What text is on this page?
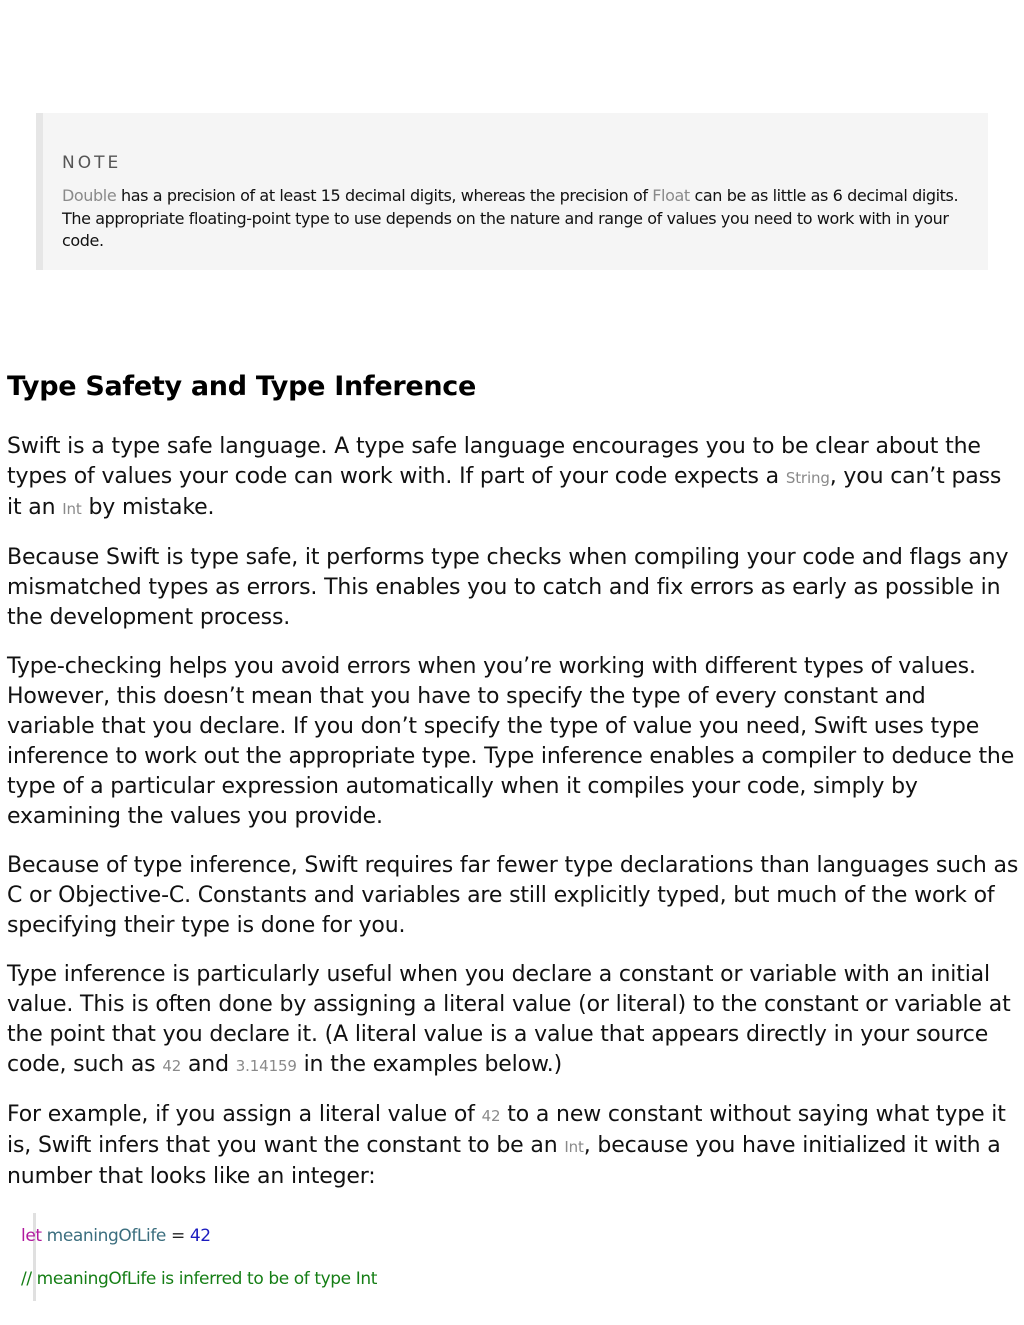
NOTE
Double has a precision of at least 15 decimal digits, whereas the precision of Float can be as little as 6 decimal digits. The appropriate floating-point type to use depends on the nature and range of values you need to work with in your code.
Type Safety and Type Inference

Swift is a type safe language. A type safe language encourages you to be clear about the types of values your code can work with. If part of your code expects a String, you can’t pass it an Int by mistake.

Because Swift is type safe, it performs type checks when compiling your code and flags any mismatched types as errors. This enables you to catch and fix errors as early as possible in the development process.

Type-checking helps you avoid errors when you’re working with different types of values. However, this doesn’t mean that you have to specify the type of every constant and variable that you declare. If you don’t specify the type of value you need, Swift uses type inference to work out the appropriate type. Type inference enables a compiler to deduce the type of a particular expression automatically when it compiles your code, simply by examining the values you provide.

Because of type inference, Swift requires far fewer type declarations than languages such as C or Objective-C. Constants and variables are still explicitly typed, but much of the work of specifying their type is done for you.

Type inference is particularly useful when you declare a constant or variable with an initial value. This is often done by assigning a literal value (or literal) to the constant or variable at the point that you declare it. (A literal value is a value that appears directly in your source code, such as 42 and 3.14159 in the examples below.)

For example, if you assign a literal value of 42 to a new constant without saying what type it is, Swift infers that you want the constant to be an Int, because you have initialized it with a number that looks like an integer:

let meaningOfLife = 42
// meaningOfLife is inferred to be of type Int
